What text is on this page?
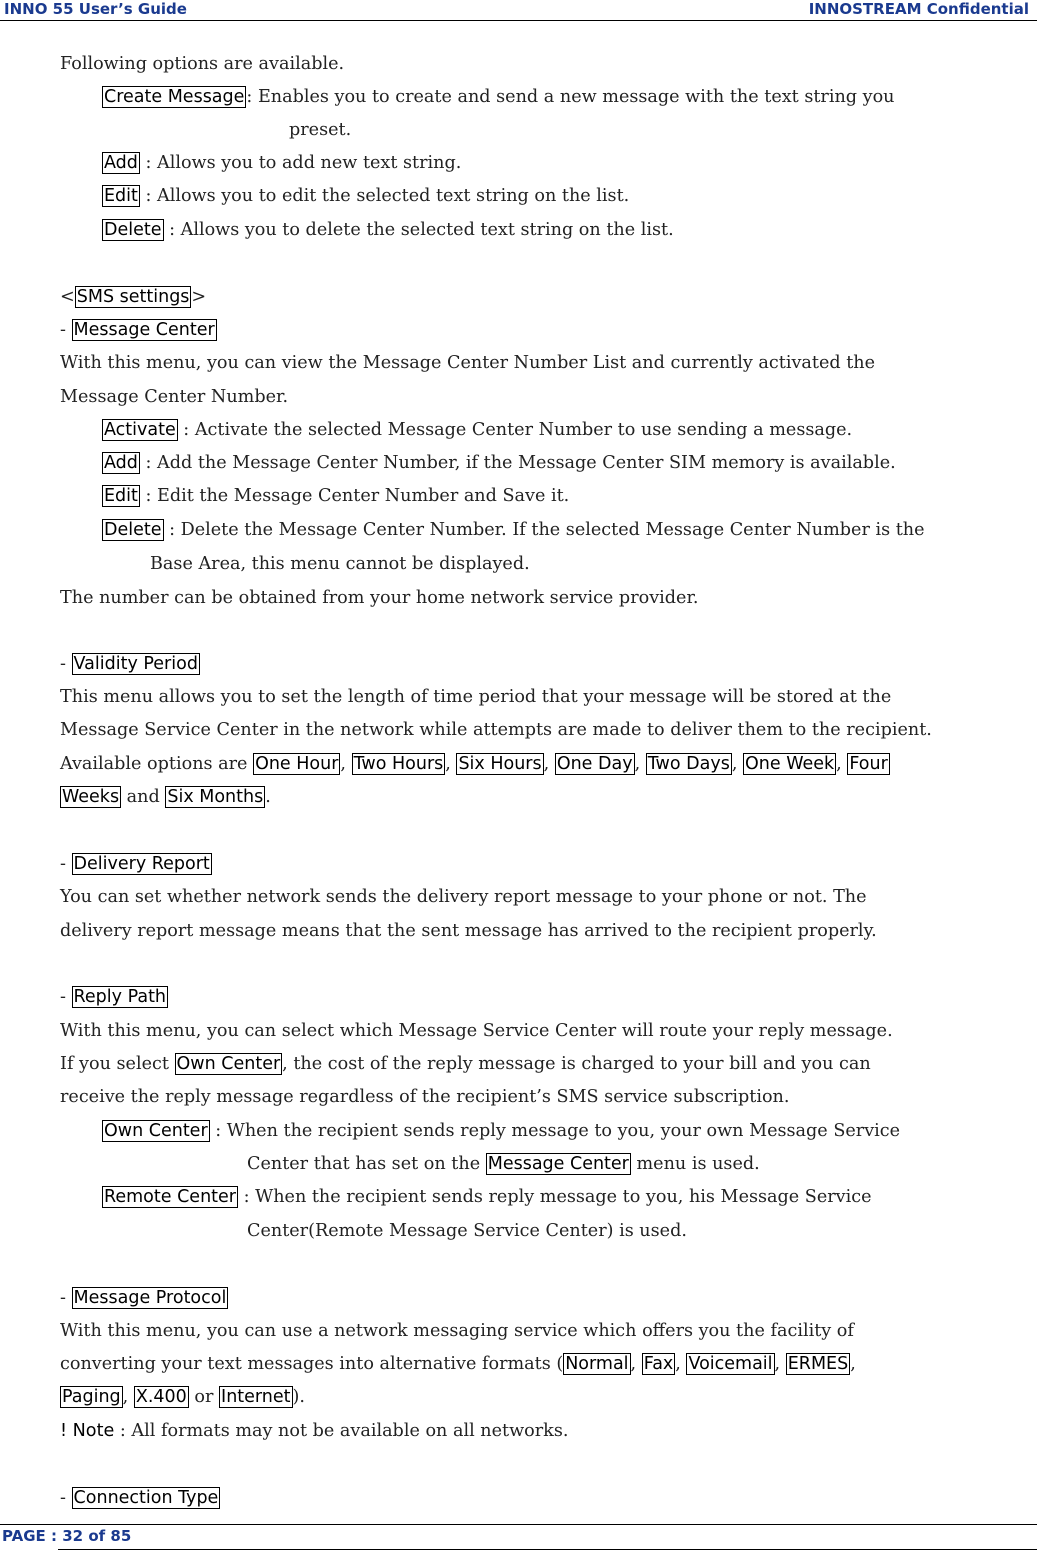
INNO 55 User’s Guide	INNOSTREAM Confidential
Following options are available.
Create Message : Enables you to create and send a new message with the text string you
preset.
Add : Allows you to add new text string.
Edit : Allows you to edit the selected text string on the list.
Delete : Allows you to delete the selected text string on the list.
< SMS settings >
- Message Center
With this menu, you can view the Message Center Number List and currently activated the
Message Center Number.
Activate : Activate the selected Message Center Number to use sending a message.
Add : Add the Message Center Number, if the Message Center SIM memory is available.
Edit : Edit the Message Center Number and Save it.
Delete : Delete the Message Center Number. If the selected Message Center Number is the
Base Area, this menu cannot be displayed.
The number can be obtained from your home network service provider.
- Validity Period
This menu allows you to set the length of time period that your message will be stored at the
Message Service Center in the network while attempts are made to deliver them to the recipient.
Available options are One Hour , Two Hours , Six Hours , One Day , Two Days , One Week , Four
Weeks and Six Months .
- Delivery Report
You can set whether network sends the delivery report message to your phone or not. The
delivery report message means that the sent message has arrived to the recipient properly.
- Reply Path
With this menu, you can select which Message Service Center will route your reply message.
If you select Own Center , the cost of the reply message is charged to your bill and you can
receive the reply message regardless of the recipient’s SMS service subscription.
Own Center : When the recipient sends reply message to you, your own Message Service
Center that has set on the Message Center menu is used.
Remote Center : When the recipient sends reply message to you, his Message Service
Center(Remote Message Service Center) is used.
- Message Protocol
With this menu, you can use a network messaging service which offers you the facility of
converting your text messages into alternative formats ( Normal , Fax , Voicemail , ERMES ,
Paging , X.400 or Internet ).
! Note : All formats may not be available on all networks.
- Connection Type
PAGE : 32 of 85
